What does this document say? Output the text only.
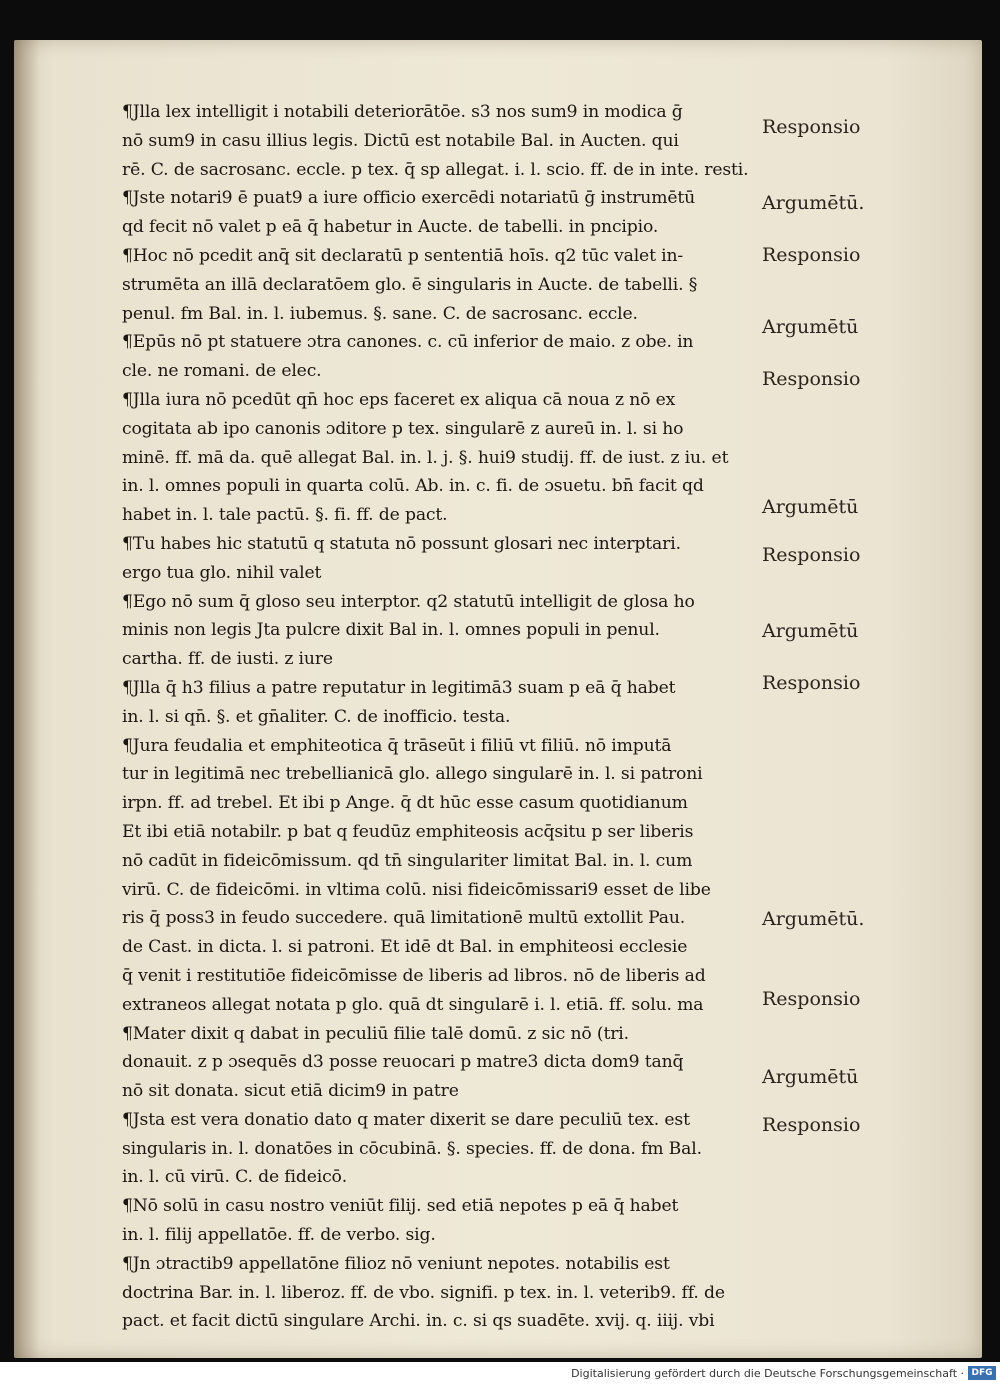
¶Jlla lex intelligit i notabili deteriorātōe. s3 nos sum9 in modica ḡ
nō sum9 in casu illius legis. Dictū est notabile Bal. in Aucten. qui
rē. C. de sacrosanc. eccle. p tex. q̄ sp allegat. i. l. scio. ff. de in inte. resti.

¶Jste notari9 ē puat9 a iure officio exercēdi notariatū ḡ instrumētū
qd fecit nō valet p eā q̄ habetur in Aucte. de tabelli. in pncipio.

¶Hoc nō pcedit anq̄ sit declaratū p sententiā hoīs. q2 tūc valet in-
strumēta an illā declaratōem glo. ē singularis in Aucte. de tabelli. §
penul. fm Bal. in. l. iubemus. §. sane. C. de sacrosanc. eccle.

¶Epūs nō pt statuere ɔtra canones. c. cū inferior de maio. z obe. in
cle. ne romani. de elec.

¶Jlla iura nō pcedūt qn̄ hoc eps faceret ex aliqua cā noua z nō ex
cogitata ab ipo canonis ɔditore p tex. singularē z aureū in. l. si ho
minē. ff. mā da. quē allegat Bal. in. l. j. §. hui9 studij. ff. de iust. z iu. et
in. l. omnes populi in quarta colū. Ab. in. c. fi. de ɔsuetu. bn̄ facit qd
habet in. l. tale pactū. §. fi. ff. de pact.

¶Tu habes hic statutū q statuta nō possunt glosari nec interptari.
ergo tua glo. nihil valet

¶Ego nō sum q̄ gloso seu interptor. q2 statutū intelligit de glosa ho
minis non legis Jta pulcre dixit Bal in. l. omnes populi in penul.
cartha. ff. de iusti. z iure

¶Jlla q̄ h3 filius a patre reputatur in legitimā3 suam p eā q̄ habet
in. l. si qn̄. §. et gn̄aliter. C. de inofficio. testa.

¶Jura feudalia et emphiteotica q̄ trāseūt i filiū vt filiū. nō imputā
tur in legitimā nec trebellianicā glo. allego singularē in. l. si patroni
irpn. ff. ad trebel. Et ibi p Ange. q̄ dt hūc esse casum quotidianum
Et ibi etiā notabilr. p bat q feudūz emphiteosis acq̄situ p ser liberis
nō cadūt in fideicōmissum. qd tn̄ singulariter limitat Bal. in. l. cum
virū. C. de fideicōmi. in vltima colū. nisi fideicōmissari9 esset de libe
ris q̄ poss3 in feudo succedere. quā limitationē multū extollit Pau.
de Cast. in dicta. l. si patroni. Et idē dt Bal. in emphiteosi ecclesie
q̄ venit i restitutiōe fideicōmisse de liberis ad libros. nō de liberis ad
extraneos allegat notata p glo. quā dt singularē i. l. etiā. ff. solu. ma

¶Mater dixit q dabat in peculiū filie talē domū. z sic nō (tri.
donauit. z p ɔsequēs d3 posse reuocari p matre3 dicta dom9 tanq̄
nō sit donata. sicut etiā dicim9 in patre

¶Jsta est vera donatio dato q mater dixerit se dare peculiū tex. est
singularis in. l. donatōes in cōcubinā. §. species. ff. de dona. fm Bal.
in. l. cū virū. C. de fideicō.

¶Nō solū in casu nostro veniūt filij. sed etiā nepotes p eā q̄ habet
in. l. filij appellatōe. ff. de verbo. sig.

¶Jn ɔtractib9 appellatōne filioz nō veniunt nepotes. notabilis est
doctrina Bar. in. l. liberoz. ff. de vbo. signifi. p tex. in. l. veterib9. ff. de
pact. et facit dictū singulare Archi. in. c. si qs suadēte. xvij. q. iiij. vbi

Responsio
Argumētū.
Responsio
Argumētū
Responsio
Argumētū
Responsio
Argumētū
Responsio
Argumētū.
Responsio
Argumētū
Responsio
Digitalisierung gefördert durch die Deutsche Forschungsgemeinschaft · DFG
